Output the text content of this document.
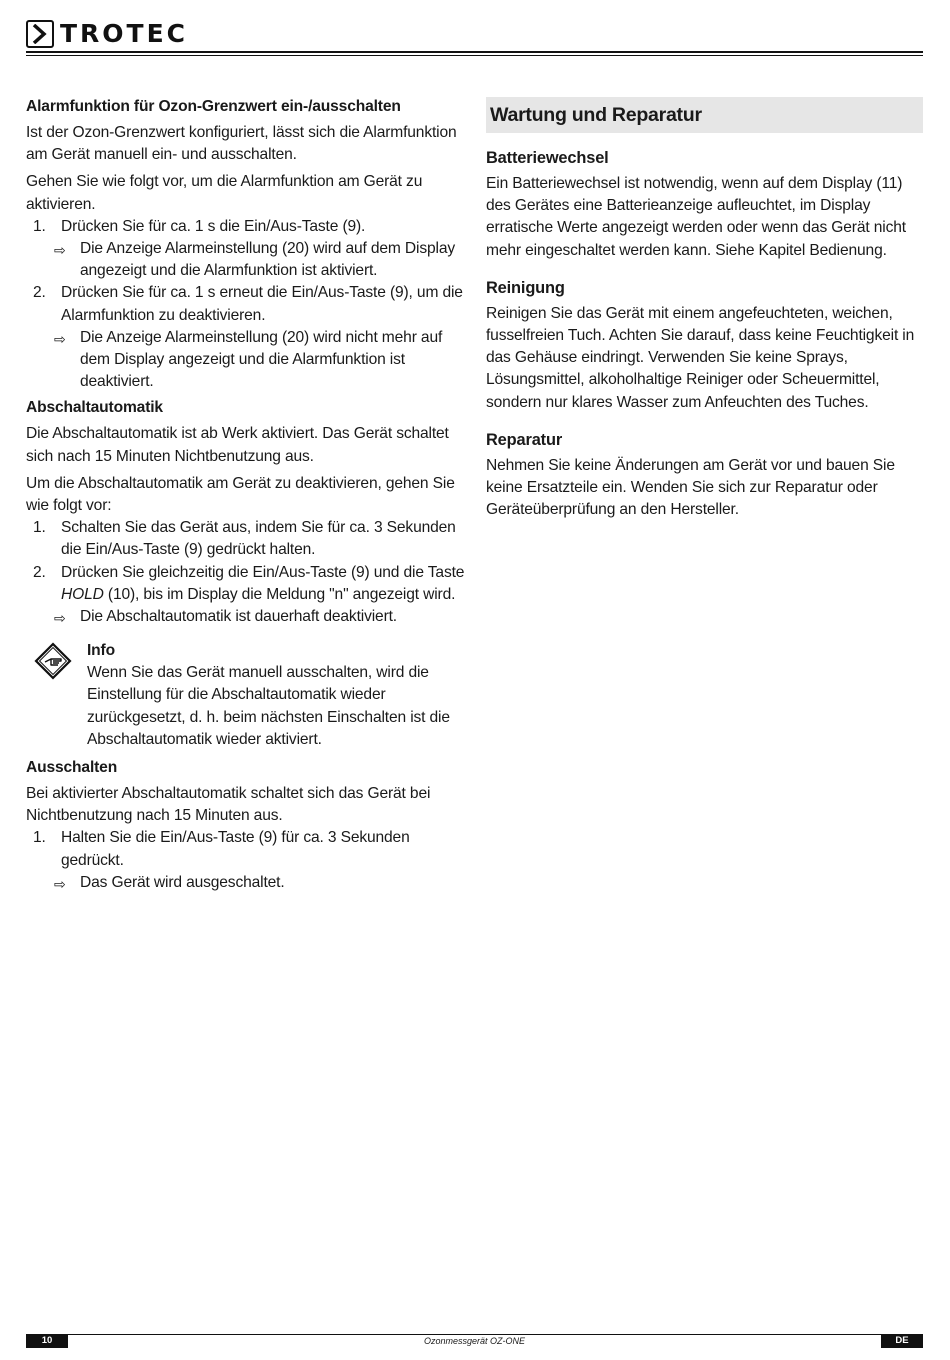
TROTEC
Alarmfunktion für Ozon-Grenzwert ein-/ausschalten

Ist der Ozon-Grenzwert konfiguriert, lässt sich die Alarmfunktion am Gerät manuell ein- und ausschalten.

Gehen Sie wie folgt vor, um die Alarmfunktion am Gerät zu aktivieren.

1. Drücken Sie für ca. 1 s die Ein/Aus-Taste (9).
⇨ Die Anzeige Alarmeinstellung (20) wird auf dem Display angezeigt und die Alarmfunktion ist aktiviert.
2. Drücken Sie für ca. 1 s erneut die Ein/Aus-Taste (9), um die Alarmfunktion zu deaktivieren.
⇨ Die Anzeige Alarmeinstellung (20) wird nicht mehr auf dem Display angezeigt und die Alarmfunktion ist deaktiviert.
Abschaltautomatik

Die Abschaltautomatik ist ab Werk aktiviert. Das Gerät schaltet sich nach 15 Minuten Nichtbenutzung aus.

Um die Abschaltautomatik am Gerät zu deaktivieren, gehen Sie wie folgt vor:

1. Schalten Sie das Gerät aus, indem Sie für ca. 3 Sekunden die Ein/Aus-Taste (9) gedrückt halten.
2. Drücken Sie gleichzeitig die Ein/Aus-Taste (9) und die Taste HOLD (10), bis im Display die Meldung "n" angezeigt wird.
⇨ Die Abschaltautomatik ist dauerhaft deaktiviert.
Info
Wenn Sie das Gerät manuell ausschalten, wird die Einstellung für die Abschaltautomatik wieder zurückgesetzt, d. h. beim nächsten Einschalten ist die Abschaltautomatik wieder aktiviert.
Ausschalten

Bei aktivierter Abschaltautomatik schaltet sich das Gerät bei Nichtbenutzung nach 15 Minuten aus.

1. Halten Sie die Ein/Aus-Taste (9) für ca. 3 Sekunden gedrückt.
⇨ Das Gerät wird ausgeschaltet.
Wartung und Reparatur
Batteriewechsel

Ein Batteriewechsel ist notwendig, wenn auf dem Display (11) des Gerätes eine Batterieanzeige aufleuchtet, im Display erratische Werte angezeigt werden oder wenn das Gerät nicht mehr eingeschaltet werden kann. Siehe Kapitel Bedienung.

Reinigung

Reinigen Sie das Gerät mit einem angefeuchteten, weichen, fusselfreien Tuch. Achten Sie darauf, dass keine Feuchtigkeit in das Gehäuse eindringt. Verwenden Sie keine Sprays, Lösungsmittel, alkoholhaltige Reiniger oder Scheuermittel, sondern nur klares Wasser zum Anfeuchten des Tuches.

Reparatur

Nehmen Sie keine Änderungen am Gerät vor und bauen Sie keine Ersatzteile ein. Wenden Sie sich zur Reparatur oder Geräteüberprüfung an den Hersteller.

10	Ozonmessgerät OZ-ONE	DE
